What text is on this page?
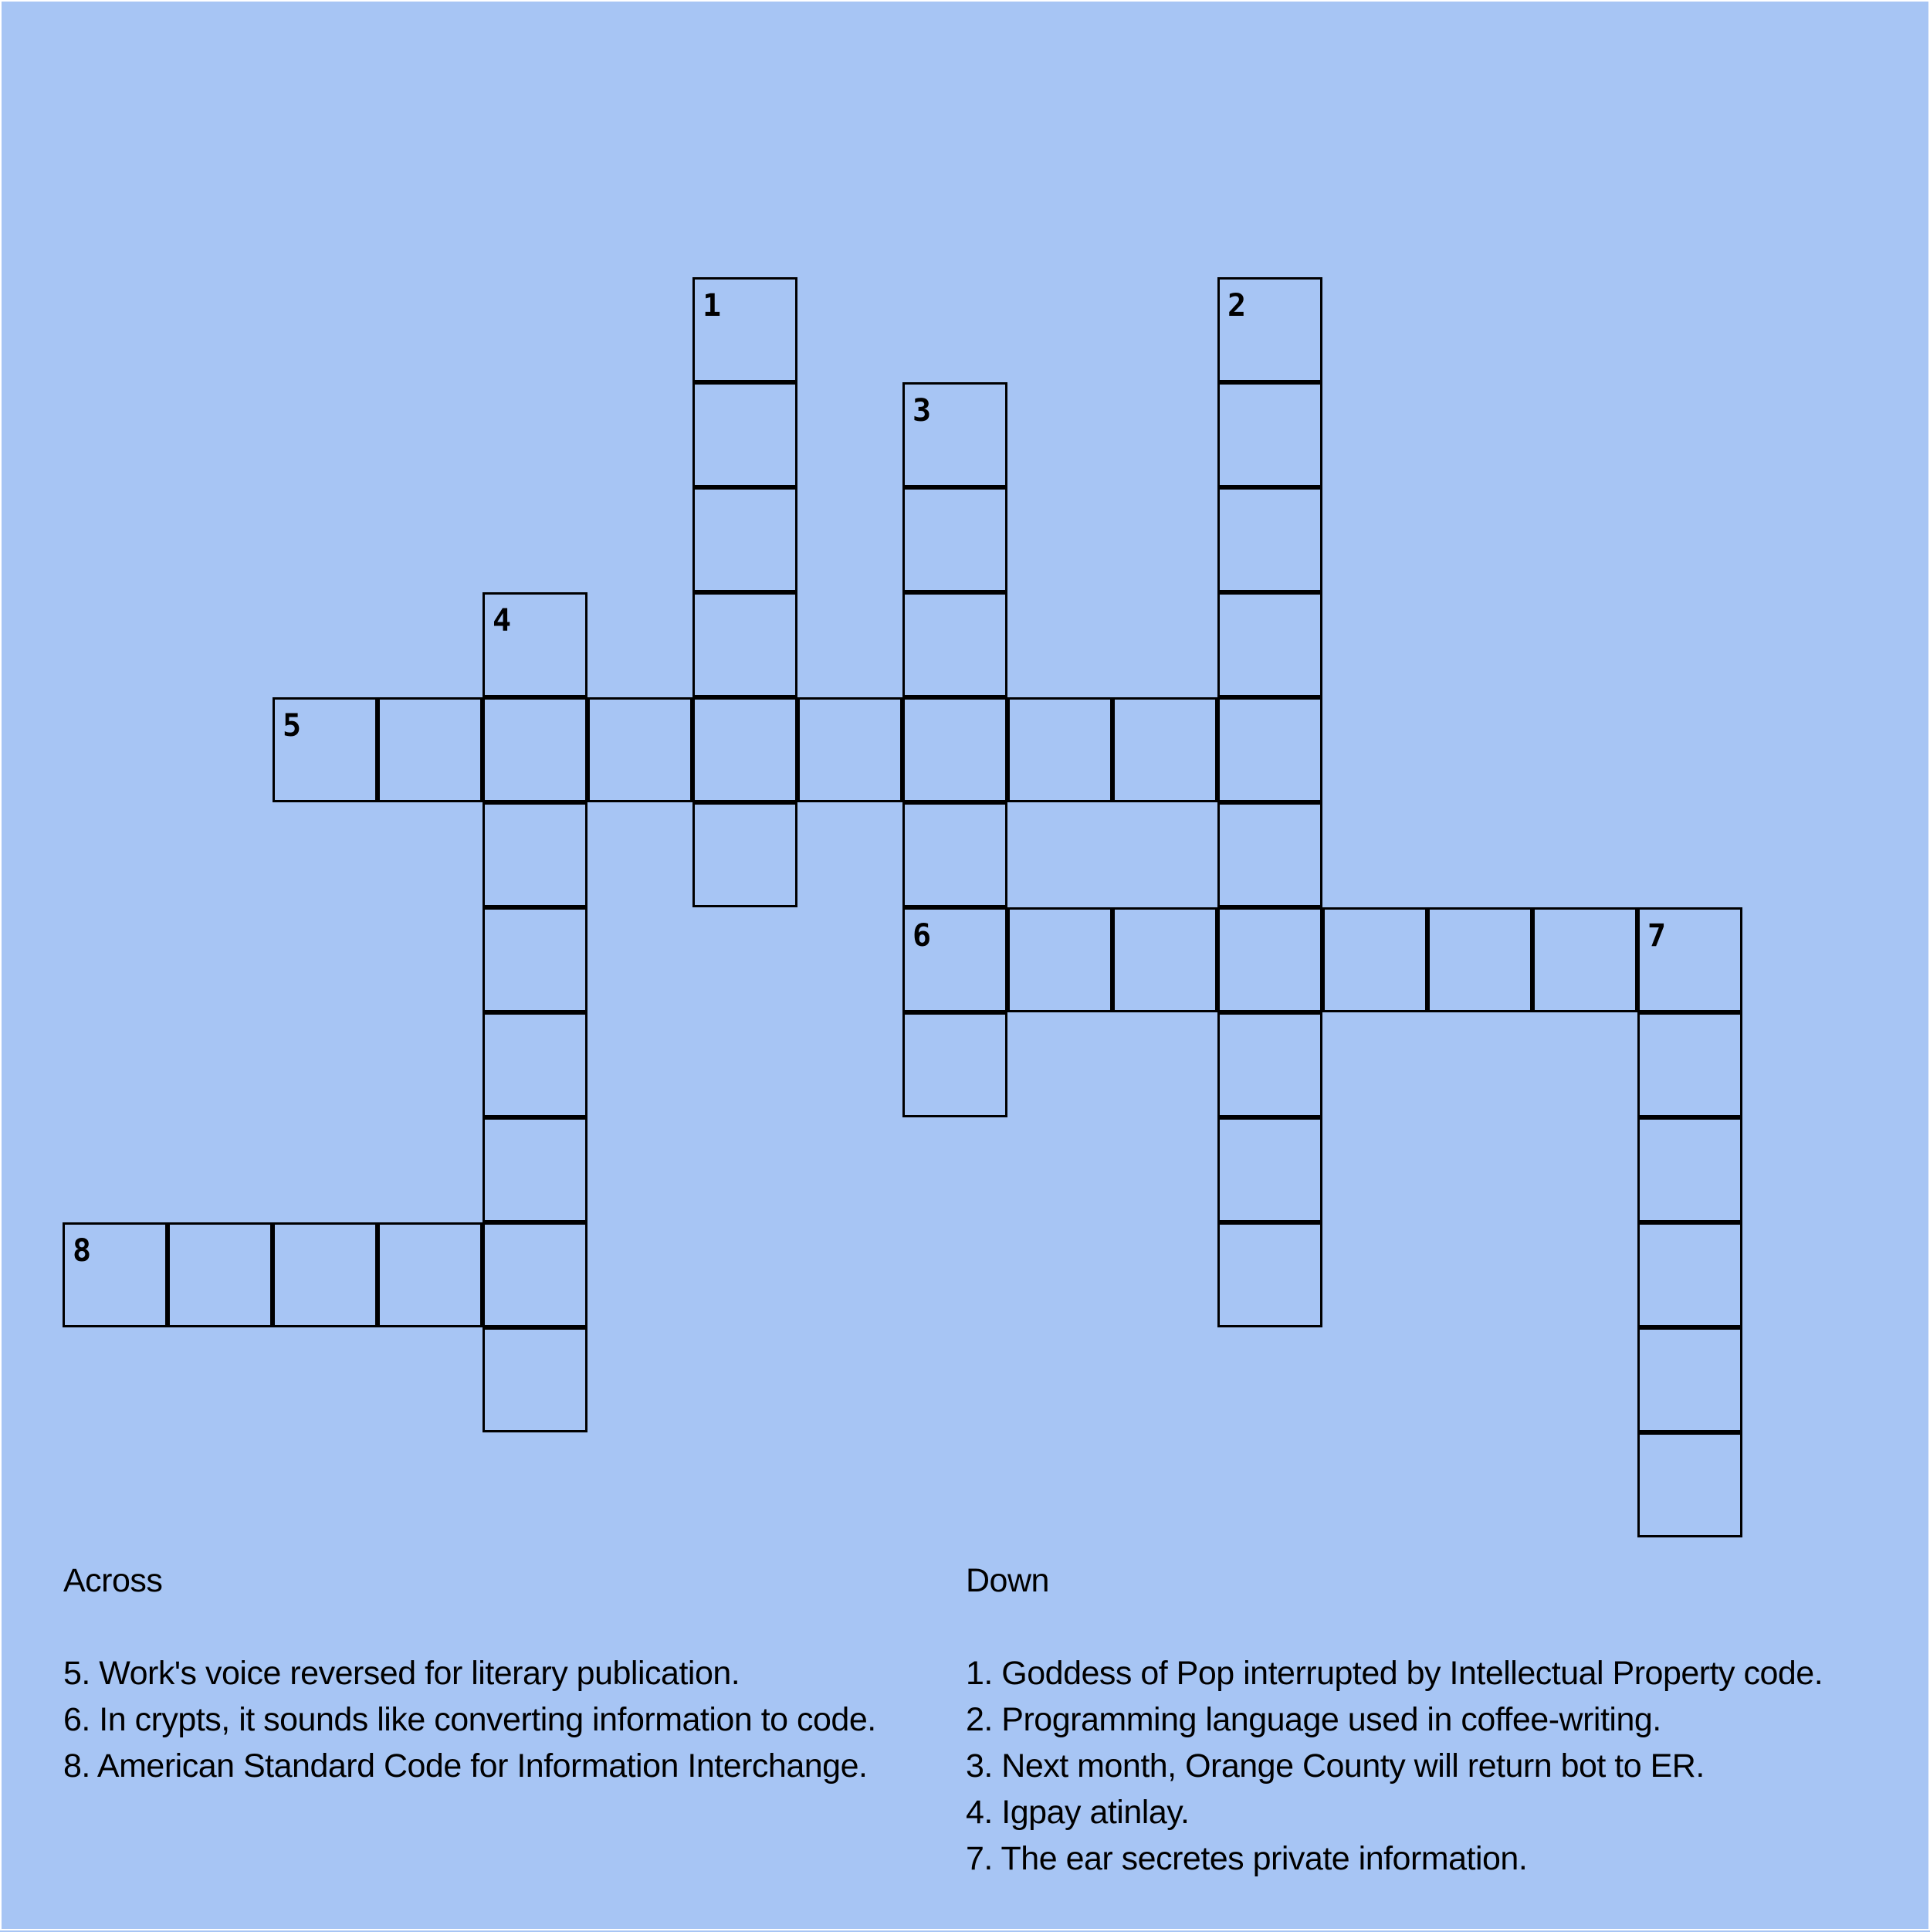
1	2
3
4
5
6	7
8
Across
5. Work's voice reversed for literary publication.
6. In crypts, it sounds like converting information to code.
8. American Standard Code for Information Interchange.
Down
1. Goddess of Pop interrupted by Intellectual Property code.
2. Programming language used in coffee-writing.
3. Next month, Orange County will return bot to ER.
4. Igpay atinlay.
7. The ear secretes private information.
